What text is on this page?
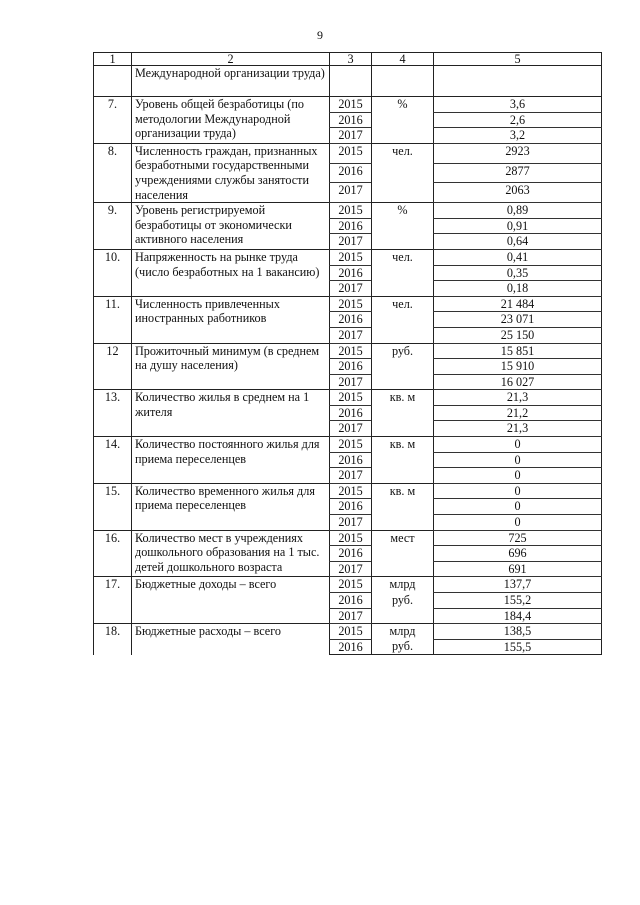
9
1	2	3	4	5
	Международной организации труда)			
7.	Уровень общей безработицы (по методологии Международной организации труда)	2015	%	3,6
		2016		2,6
		2017		3,2
8.	Численность граждан, признанных безработными государственными учреждениями службы занятости населения	2015	чел.	2923
		2016		2877
		2017		2063
9.	Уровень регистрируемой безработицы от экономически активного населения	2015	%	0,89
		2016		0,91
		2017		0,64
10.	Напряженность на рынке труда (число безработных на 1 вакансию)	2015	чел.	0,41
		2016		0,35
		2017		0,18
11.	Численность привлеченных иностранных работников	2015	чел.	21 484
		2016		23 071
		2017		25 150
12	Прожиточный минимум (в среднем на душу населения)	2015	руб.	15 851
		2016		15 910
		2017		16 027
13.	Количество жилья в среднем на 1 жителя	2015	кв. м	21,3
		2016		21,2
		2017		21,3
14.	Количество постоянного жилья для приема переселенцев	2015	кв. м	0
		2016		0
		2017		0
15.	Количество временного жилья для приема переселенцев	2015	кв. м	0
		2016		0
		2017		0
16.	Количество мест в учреждениях дошкольного образования на 1 тыс. детей дошкольного возраста	2015	мест	725
		2016		696
		2017		691
17.	Бюджетные доходы – всего	2015	млрд	137,7
		2016	руб.	155,2
		2017		184,4
18.	Бюджетные расходы – всего	2015	млрд	138,5
		2016	руб.	155,5
